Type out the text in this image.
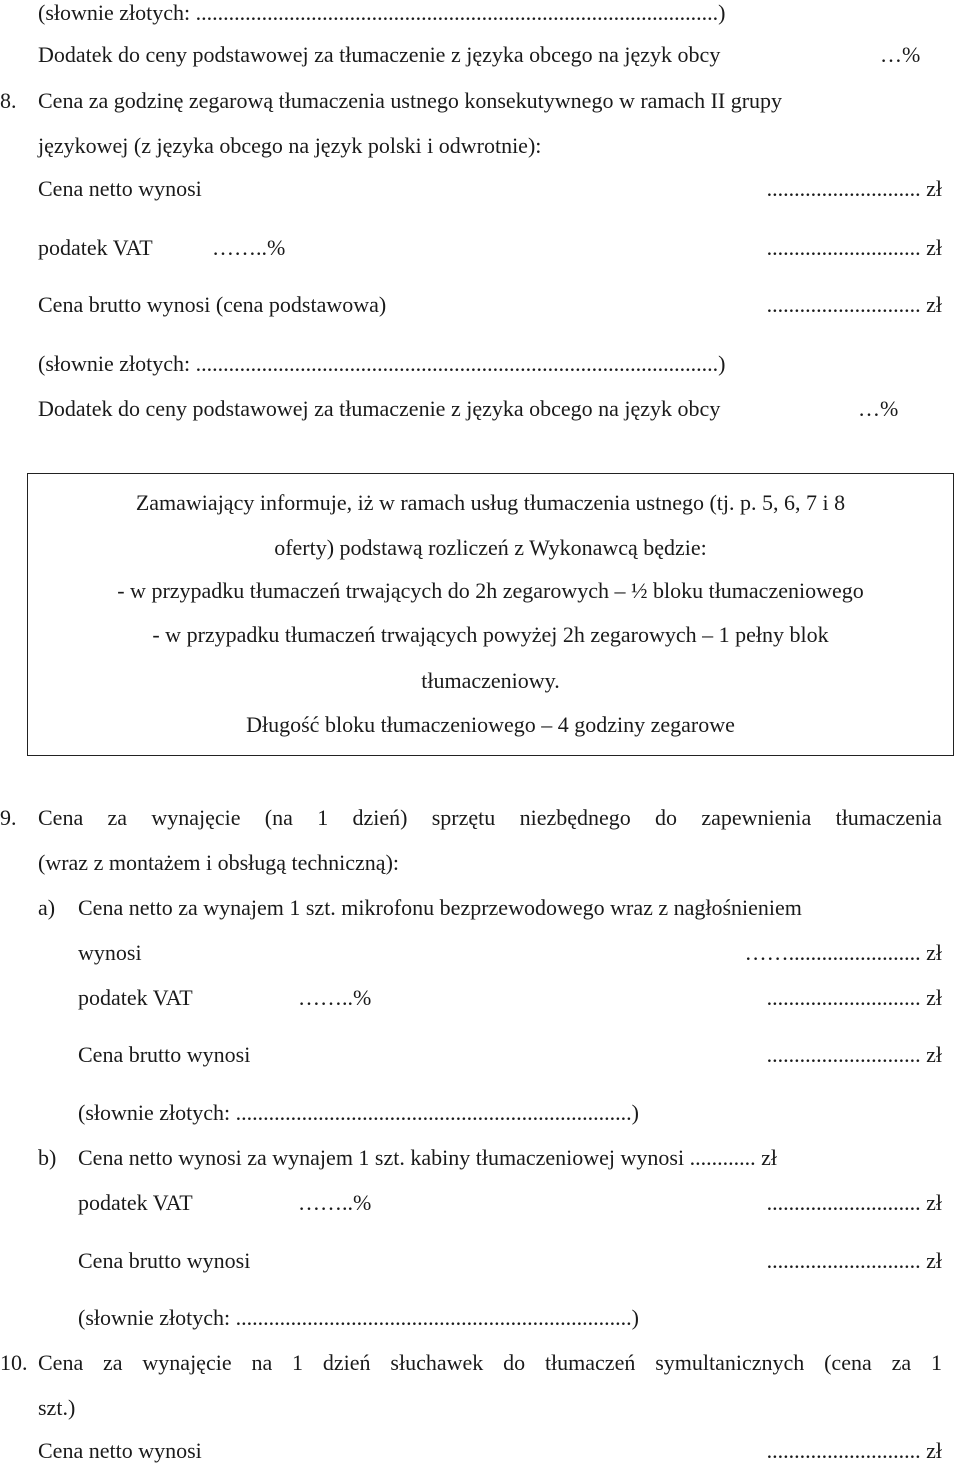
(słownie złotych: ...............................................................................................)
Dodatek do ceny podstawowej za tłumaczenie z języka obcego na język obcy	…%
8. Cena za godzinę zegarową tłumaczenia ustnego konsekutywnego w ramach II grupy
językowej (z języka obcego na język polski i odwrotnie):
Cena netto wynosi	............................ zł
podatek VAT	……..%	............................ zł
Cena brutto wynosi (cena podstawowa)	............................ zł
(słownie złotych: ...............................................................................................)
Dodatek do ceny podstawowej za tłumaczenie z języka obcego na język obcy	…%
Zamawiający informuje, iż w ramach usług tłumaczenia ustnego (tj. p. 5, 6, 7 i 8
oferty) podstawą rozliczeń z Wykonawcą będzie:
- w przypadku tłumaczeń trwających do 2h zegarowych – ½ bloku tłumaczeniowego
- w przypadku tłumaczeń trwających powyżej 2h zegarowych – 1 pełny blok
tłumaczeniowy.
Długość bloku tłumaczeniowego – 4 godziny zegarowe
9. Cena za wynajęcie (na 1 dzień) sprzętu niezbędnego do zapewnienia tłumaczenia
(wraz z montażem i obsługą techniczną):
a) Cena netto za wynajem 1 szt. mikrofonu bezprzewodowego wraz z nagłośnieniem
wynosi	……........................ zł
podatek VAT	……..%	............................ zł
Cena brutto wynosi	............................ zł
(słownie złotych: ........................................................................)
b) Cena netto wynosi za wynajem 1 szt. kabiny tłumaczeniowej wynosi ............ zł
podatek VAT	……..%	............................ zł
Cena brutto wynosi	............................ zł
(słownie złotych: ........................................................................)
10. Cena za wynajęcie na 1 dzień słuchawek do tłumaczeń symultanicznych (cena za 1
szt.)
Cena netto wynosi	............................ zł
